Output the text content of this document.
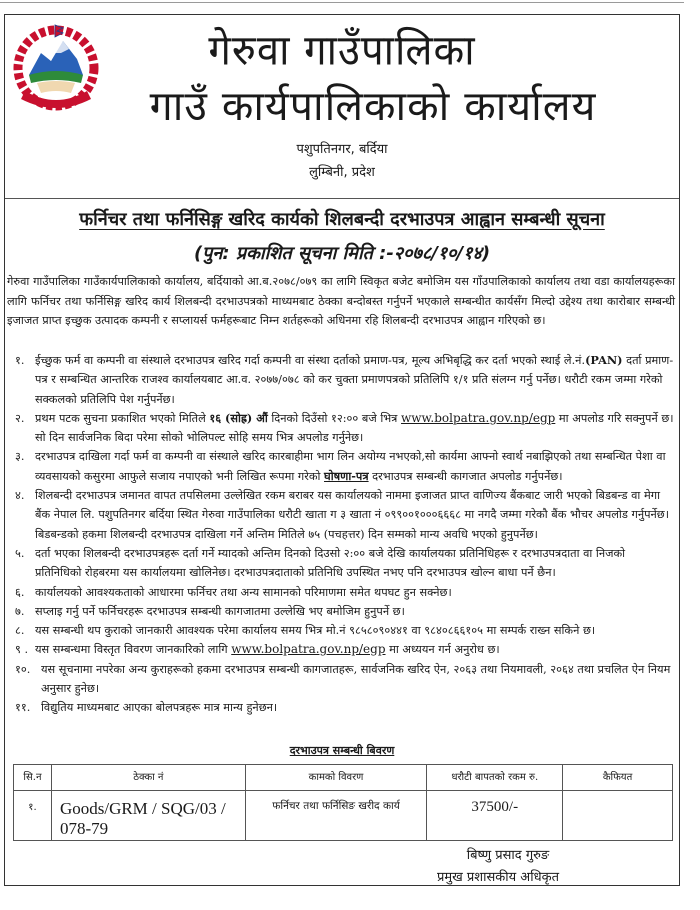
गेरुवा गाउँपालिका
गाउँ कार्यपालिकाको कार्यालय
पशुपतिनगर, बर्दिया
लुम्बिनी, प्रदेश
फर्निचर तथा फर्निसिङ्ग खरिद कार्यको शिलबन्दी दरभाउपत्र आह्वान सम्बन्धी सूचना
(पुन: प्रकाशित सूचना मिति :-२०७८/१०/१४)
गेरुवा गाउँपालिका गाउँकार्यपालिकाको कार्यालय, बर्दियाको आ.ब.२०७८/०७९ का लागि स्विकृत बजेट बमोजिम यस गाँउपालिकाको कार्यालय तथा वडा कार्यालयहरूका लागि फर्निचर तथा फर्निसिङ्ग खरिद कार्य शिलबन्दी दरभाउपत्रको माध्यमबाट ठेक्का बन्दोबस्त गर्नुपर्ने भएकाले सम्बन्धीत कार्यसँग मिल्दो उद्देश्य तथा कारोबार सम्बन्धी इजाजत प्राप्त इच्छुक उत्पादक कम्पनी र सप्लायर्स फर्महरूबाट निम्न शर्तहरूको अधिनमा रहि शिलबन्दी दरभाउपत्र आह्वान गरिएको छ।
१. ईच्छुक फर्म वा कम्पनी वा संस्थाले दरभाउपत्र खरिद गर्दा कम्पनी वा संस्था दर्ताको प्रमाण-पत्र, मूल्य अभिबृद्धि कर दर्ता भएको स्थाई ले.नं.(PAN) दर्ता प्रमाण-पत्र र सम्बन्धित आन्तरिक राजश्व कार्यालयबाट आ.व. २०७७/०७८ को कर चुक्ता प्रमाणपत्रको प्रतिलिपि १/१ प्रति संलग्न गर्नु पर्नेछ। धरौटी रकम जम्मा गरेको सक्कलको प्रतिलिपि पेश गर्नुपर्नेछ।
२. प्रथम पटक सुचना प्रकाशित भएको मितिले १६ (सोह्र) औं दिनको दिउँसो १२:०० बजे भित्र www.bolpatra.gov.np/egp मा अपलोड गरि सक्नुपर्ने छ। सो दिन सार्वजनिक बिदा परेमा सोको भोलिपल्ट सोहि समय भित्र अपलोड गर्नुनेछ।
३. दरभाउपत्र दाखिला गर्दा फर्म वा कम्पनी वा संस्थाले खरिद कारबाहीमा भाग लिन अयोग्य नभएको,सो कार्यमा आफ्नो स्वार्थ नबाझिएको तथा सम्बन्धित पेशा वा व्यवसायको कसुरमा आफुले सजाय नपाएको भनी लिखित रूपमा गरेको घोषणा-पत्र दरभाउपत्र सम्बन्धी कागजात अपलोड गर्नुपर्नेछ।
४. शिलबन्दी दरभाउपत्र जमानत वापत तपसिलमा उल्लेखित रकम बराबर यस कार्यालयको नाममा इजाजत प्राप्त वाणिज्य बैंकबाट जारी भएको बिडबन्ड वा मेगा बैंक नेपाल लि. पशुपतिनगर बर्दिया स्थित गेरुवा गाउँपालिका धरौटी खाता ग ३ खाता नं ०९९००१०००६६६८ मा नगदै जम्मा गरेकौ बैंक भौचर अपलोड गर्नुपर्नेछ। बिडबन्डको हकमा शिलबन्दी दरभाउपत्र दाखिला गर्ने अन्तिम मितिले ७५ (पचहत्तर) दिन सम्मको मान्य अवधि भएको हुनुपर्नेछ।
५. दर्ता भएका शिलबन्दी दरभाउपत्रहरू दर्ता गर्ने म्यादको अन्तिम दिनको दिउसो २:०० बजे देखि कार्यालयका प्रतिनिधिहरू र दरभाउपत्रदाता वा निजको प्रतिनिधिको रोहबरमा यस कार्यालयमा खोलिनेछ। दरभाउपत्रदाताको प्रतिनिधि उपस्थित नभए पनि दरभाउपत्र खोल्न बाधा पर्ने छैन।
६. कार्यालयको आवश्यकताको आधारमा फर्निचर तथा अन्य सामानको परिमाणमा समेत थपघट हुन सक्नेछ।
७. सप्लाइ गर्नु पर्ने फर्निचरहरू दरभाउपत्र सम्बन्धी कागजातमा उल्लेखि भए बमोजिम हुनुपर्ने छ।
८. यस सम्बन्धी थप कुराको जानकारी आवश्यक परेमा कार्यालय समय भित्र मो.नं ९८५८०९०४४१ वा ९८४०८६६१०५ मा सम्पर्क राख्न सकिने छ।
९ . यस सम्बन्धमा विस्तृत विवरण जानकारिको लागि www.bolpatra.gov.np/egp मा अध्ययन गर्न अनुरोध छ।
१०. यस सूचनामा नपरेका अन्य कुराहरूको हकमा दरभाउपत्र सम्बन्धी कागजातहरू, सार्वजनिक खरिद ऐन, २०६३ तथा नियमावली, २०६४ तथा प्रचलित ऐन नियम अनुसार हुनेछ।
११. विद्युतिय माध्यमबाट आएका बोलपत्रहरू मात्र मान्य हुनेछन।
दरभाउपत्र सम्बन्धी बिवरण
सि.न	ठेक्का नं	कामको विवरण	धरौटी बापतको रकम रु.	कैफियत
१.	Goods/GRM / SQG/03 / 078-79	फर्निचर तथा फर्निसिङ खरीद कार्य	37500/-	
बिष्णु प्रसाद गुरुङ
प्रमुख प्रशासकीय अधिकृत
